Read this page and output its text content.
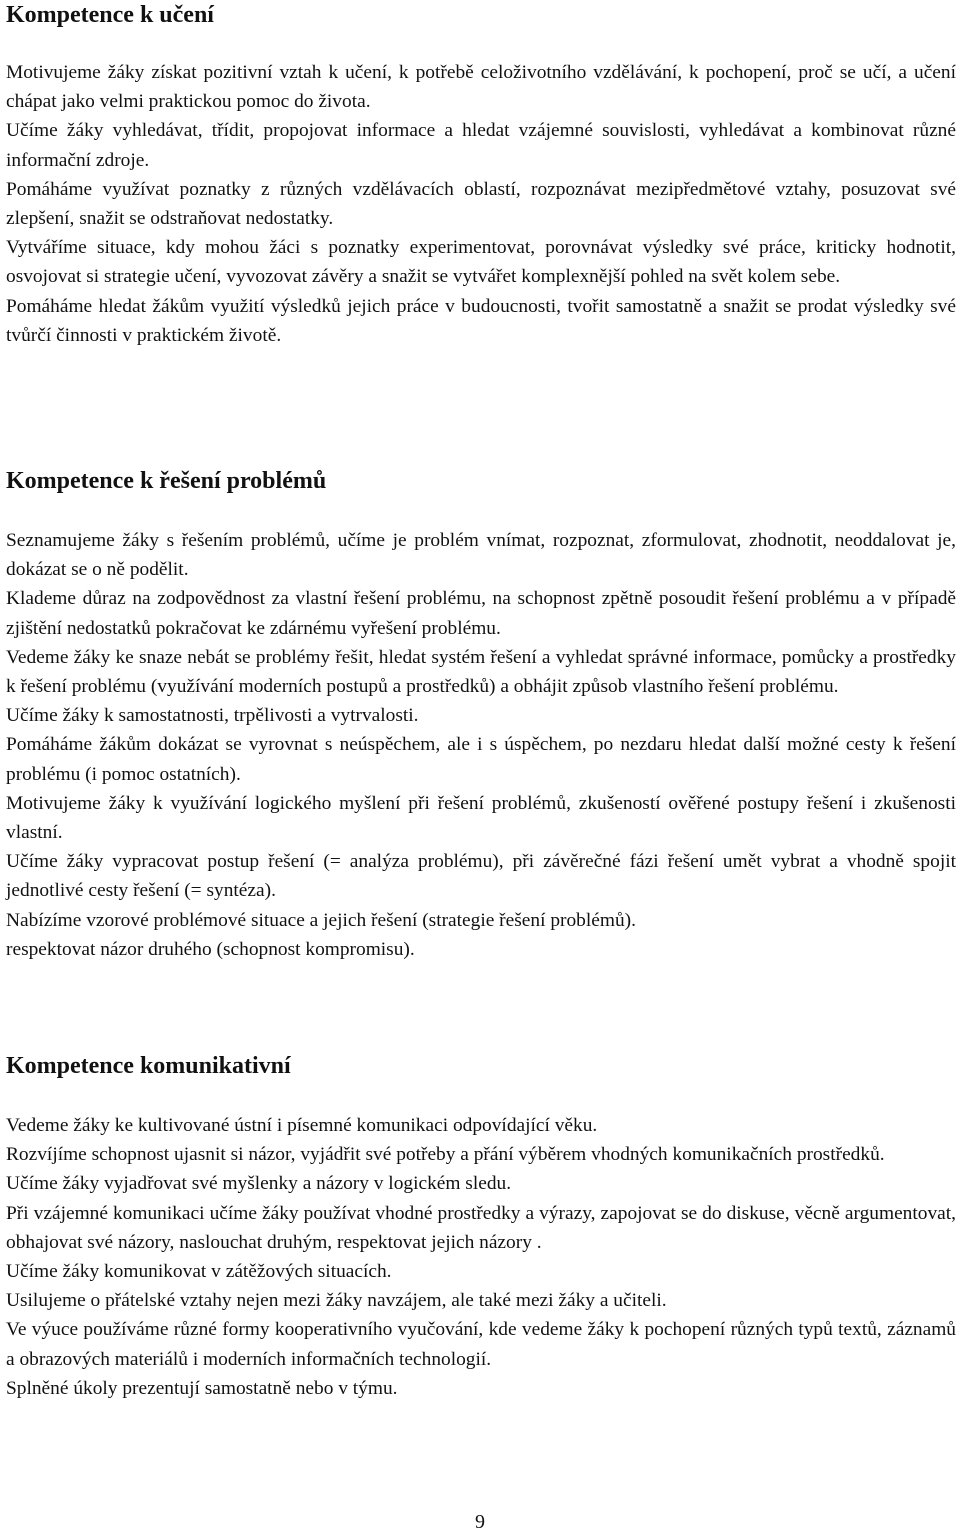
Kompetence k učení

Motivujeme žáky získat pozitivní vztah k učení, k potřebě celoživotního vzdělávání, k pochopení, proč se učí, a učení chápat jako velmi praktickou pomoc do života.

Učíme žáky vyhledávat, třídit, propojovat informace a hledat vzájemné souvislosti, vyhledávat a kombinovat různé informační zdroje.

Pomáháme využívat poznatky z různých vzdělávacích oblastí, rozpoznávat mezipředmětové vztahy, posuzovat své zlepšení, snažit se odstraňovat nedostatky.

Vytváříme situace, kdy mohou žáci s poznatky experimentovat, porovnávat výsledky své práce, kriticky hodnotit, osvojovat si strategie učení, vyvozovat závěry a snažit se vytvářet komplexnější pohled na svět kolem sebe.

Pomáháme hledat žákům využití výsledků jejich práce v budoucnosti, tvořit samostatně a snažit se prodat výsledky své tvůrčí činnosti v praktickém životě.

Kompetence k řešení problémů

Seznamujeme žáky s řešením problémů, učíme je problém vnímat, rozpoznat, zformulovat, zhodnotit, neoddalovat je, dokázat se o ně podělit.

Klademe důraz na zodpovědnost za vlastní řešení problému, na schopnost zpětně posoudit řešení problému a v případě zjištění nedostatků pokračovat ke zdárnému vyřešení problému.

Vedeme žáky ke snaze nebát se problémy řešit, hledat systém řešení a vyhledat správné informace, pomůcky a prostředky k řešení problému (využívání moderních postupů a prostředků) a obhájit způsob vlastního řešení problému.

Učíme žáky k samostatnosti, trpělivosti a vytrvalosti.

Pomáháme žákům dokázat se vyrovnat s neúspěchem, ale i s úspěchem, po nezdaru hledat další možné cesty k řešení problému (i pomoc ostatních).

Motivujeme žáky k využívání logického myšlení při řešení problémů, zkušeností ověřené postupy řešení i zkušenosti vlastní.

Učíme žáky vypracovat postup řešení (= analýza problému), při závěrečné fázi řešení umět vybrat a vhodně spojit jednotlivé cesty řešení (= syntéza).

Nabízíme vzorové problémové situace a jejich řešení (strategie řešení problémů).

respektovat názor druhého (schopnost kompromisu).

Kompetence komunikativní

Vedeme žáky ke kultivované ústní i písemné komunikaci odpovídající věku.

Rozvíjíme schopnost ujasnit si názor, vyjádřit své potřeby a přání výběrem vhodných komunikačních prostředků.

Učíme žáky vyjadřovat své myšlenky a názory v logickém sledu.

Při vzájemné komunikaci učíme žáky používat vhodné prostředky a výrazy, zapojovat se do diskuse, věcně argumentovat, obhajovat své názory, naslouchat druhým, respektovat jejich názory .

Učíme žáky komunikovat v zátěžových situacích.

Usilujeme o přátelské vztahy nejen mezi žáky navzájem, ale také mezi žáky a učiteli.

Ve výuce používáme různé formy kooperativního vyučování, kde vedeme žáky k pochopení různých typů textů, záznamů a obrazových materiálů i moderních informačních technologií.

Splněné úkoly prezentují samostatně nebo v týmu.

9
